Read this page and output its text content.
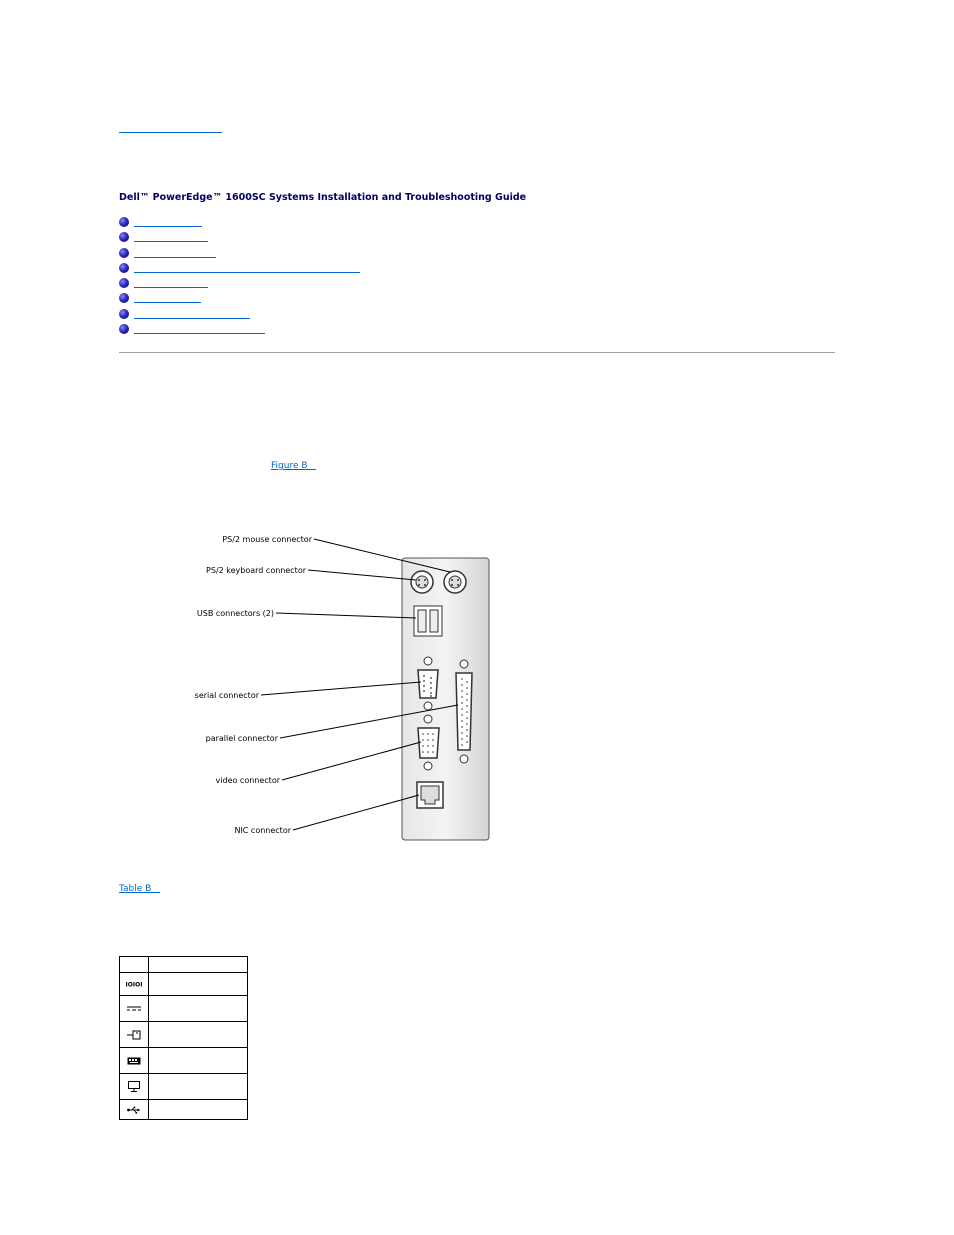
Dell™ PowerEdge™ 1600SC Systems Installation and Troubleshooting Guide
Figure B
PS/2 mouse connector
PS/2 keyboard connector
USB connectors (2)
serial connector
parallel connector
video connector
NIC connector
Table B

IOIOI	
